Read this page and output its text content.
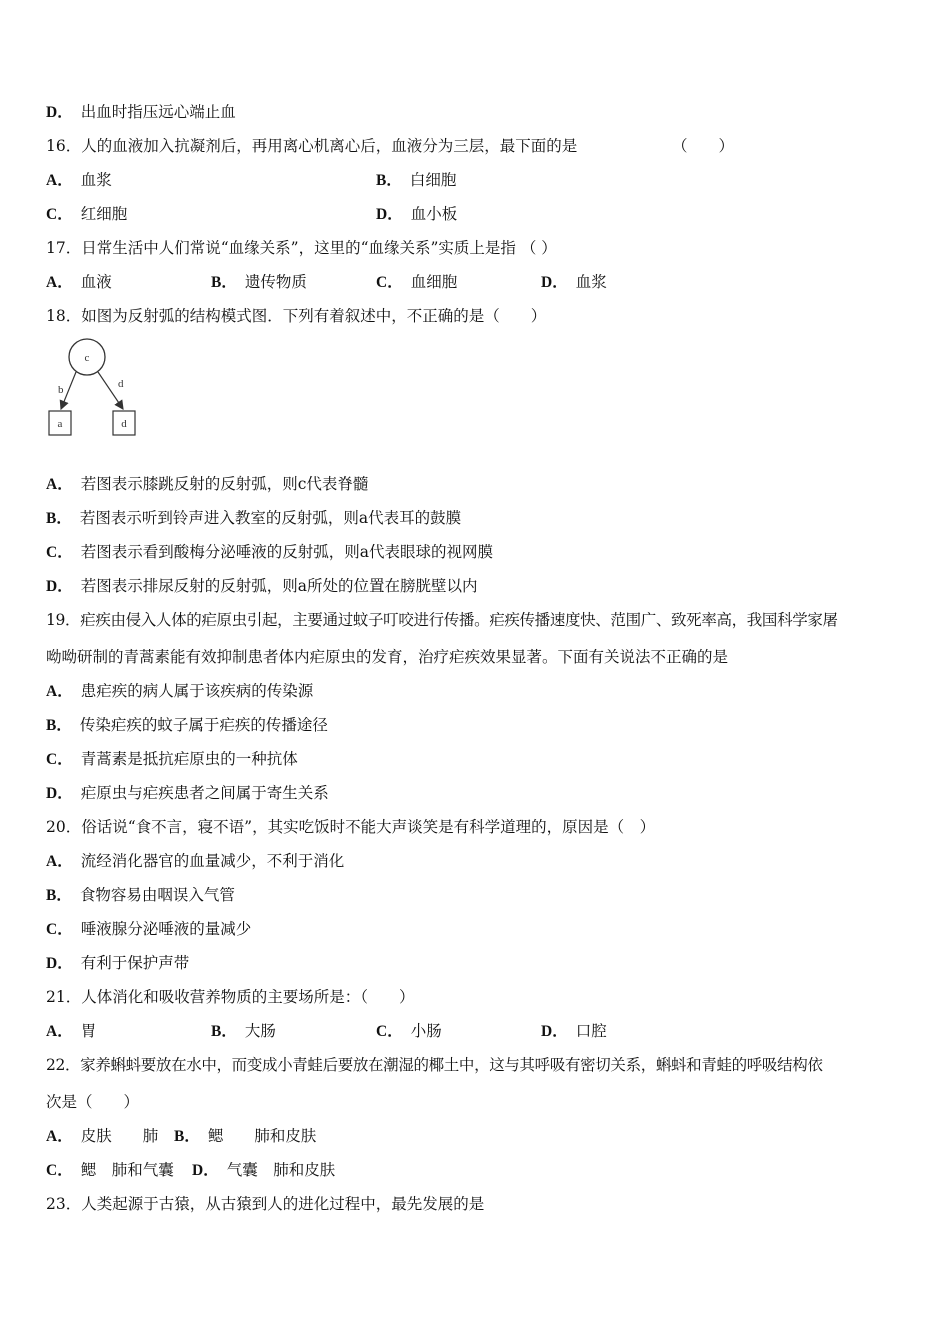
D． 出血时指压远心端止血
16．人的血液加入抗凝剂后，再用离心机离心后，血液分为三层，最下面的是	（　　）
A． 血浆	B． 白细胞
C． 红细胞	D． 血小板
17．日常生活中人们常说“血缘关系”，这里的“血缘关系”实质上是指 （ ）
A． 血液	B． 遗传物质	C． 血细胞	D． 血浆
18．如图为反射弧的结构模式图．下列有着叙述中，不正确的是（　　）
c
b	d
a	d
A． 若图表示膝跳反射的反射弧，则c代表脊髓
B． 若图表示听到铃声进入教室的反射弧，则a代表耳的鼓膜
C． 若图表示看到酸梅分泌唾液的反射弧，则a代表眼球的视网膜
D． 若图表示排尿反射的反射弧，则a所处的位置在膀胱壁以内
19．疟疾由侵入人体的疟原虫引起，主要通过蚊子叮咬进行传播。疟疾传播速度快、范围广、致死率高，我国科学家屠
呦呦研制的青蒿素能有效抑制患者体内疟原虫的发育，治疗疟疾效果显著。下面有关说法不正确的是
A． 患疟疾的病人属于该疾病的传染源
B． 传染疟疾的蚊子属于疟疾的传播途径
C． 青蒿素是抵抗疟原虫的一种抗体
D． 疟原虫与疟疾患者之间属于寄生关系
20．俗话说“食不言，寝不语”，其实吃饭时不能大声谈笑是有科学道理的，原因是（　）
A． 流经消化器官的血量减少，不利于消化
B． 食物容易由咽误入气管
C． 唾液腺分泌唾液的量减少
D． 有利于保护声带
21．人体消化和吸收营养物质的主要场所是：（　　）
A． 胃	B． 大肠	C． 小肠	D． 口腔
22．家养蝌蚪要放在水中，而变成小青蛙后要放在潮湿的椰土中，这与其呼吸有密切关系，蝌蚪和青蛙的呼吸结构依
次是（　　）
A． 皮肤　　肺 B． 鳃　　肺和皮肤
C． 鳃　肺和气囊 D． 气囊　肺和皮肤
23．人类起源于古猿，从古猿到人的进化过程中，最先发展的是
